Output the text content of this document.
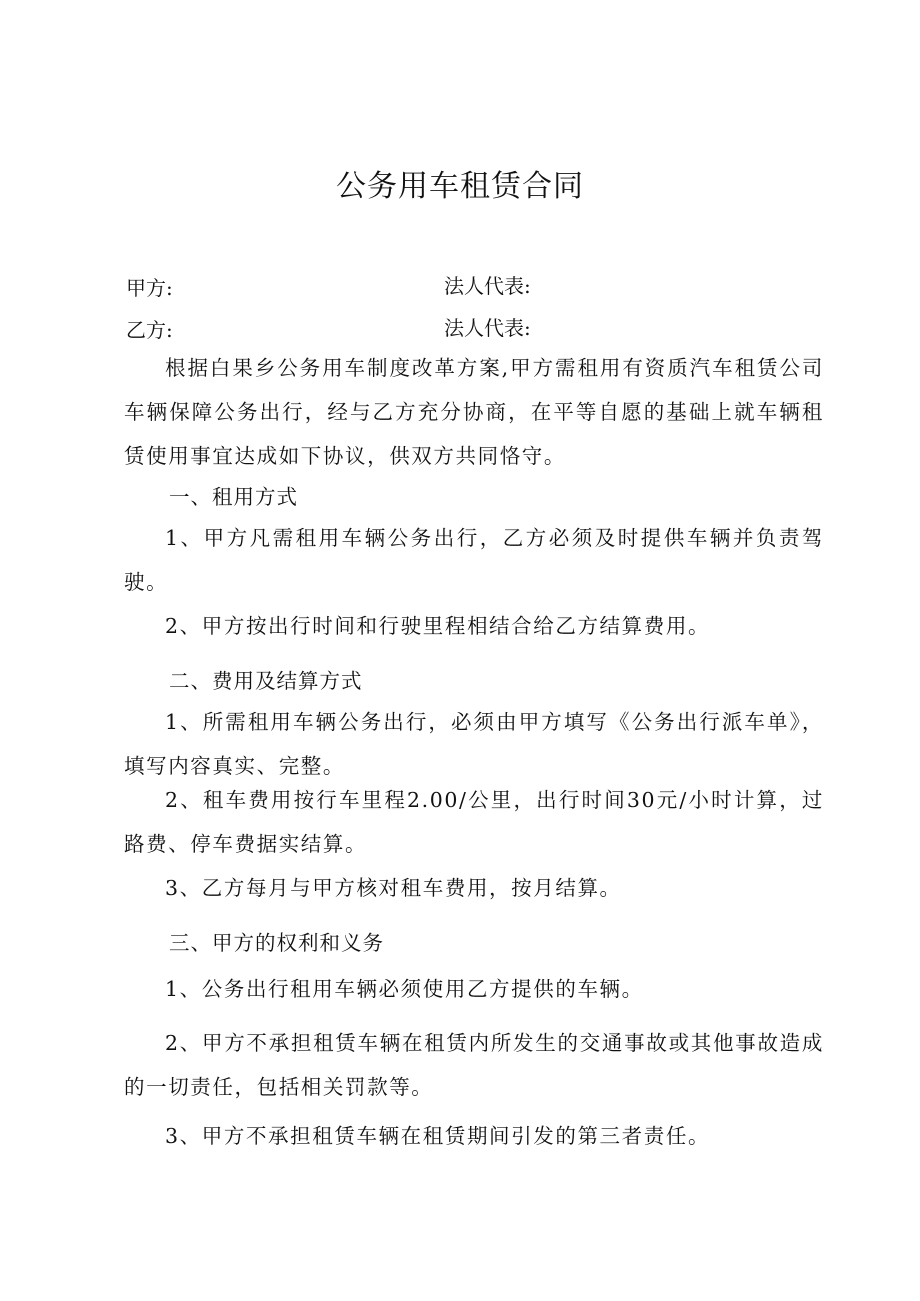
公务用车租赁合同
甲方:	法人代表:
乙方:	法人代表:

根据白果乡公务用车制度改革方案,甲方需租用有资质汽车租赁公司车辆保障公务出行，经与乙方充分协商，在平等自愿的基础上就车辆租赁使用事宜达成如下协议，供双方共同恪守。

一、租用方式

1、甲方凡需租用车辆公务出行，乙方必须及时提供车辆并负责驾驶。

2、甲方按出行时间和行驶里程相结合给乙方结算费用。

二、费用及结算方式

1、所需租用车辆公务出行，必须由甲方填写《公务出行派车单》，填写内容真实、完整。

2、租车费用按行车里程2.00/公里，出行时间30元/小时计算，过路费、停车费据实结算。

3、乙方每月与甲方核对租车费用，按月结算。

三、甲方的权利和义务

1、公务出行租用车辆必须使用乙方提供的车辆。

2、甲方不承担租赁车辆在租赁内所发生的交通事故或其他事故造成的一切责任，包括相关罚款等。

3、甲方不承担租赁车辆在租赁期间引发的第三者责任。
